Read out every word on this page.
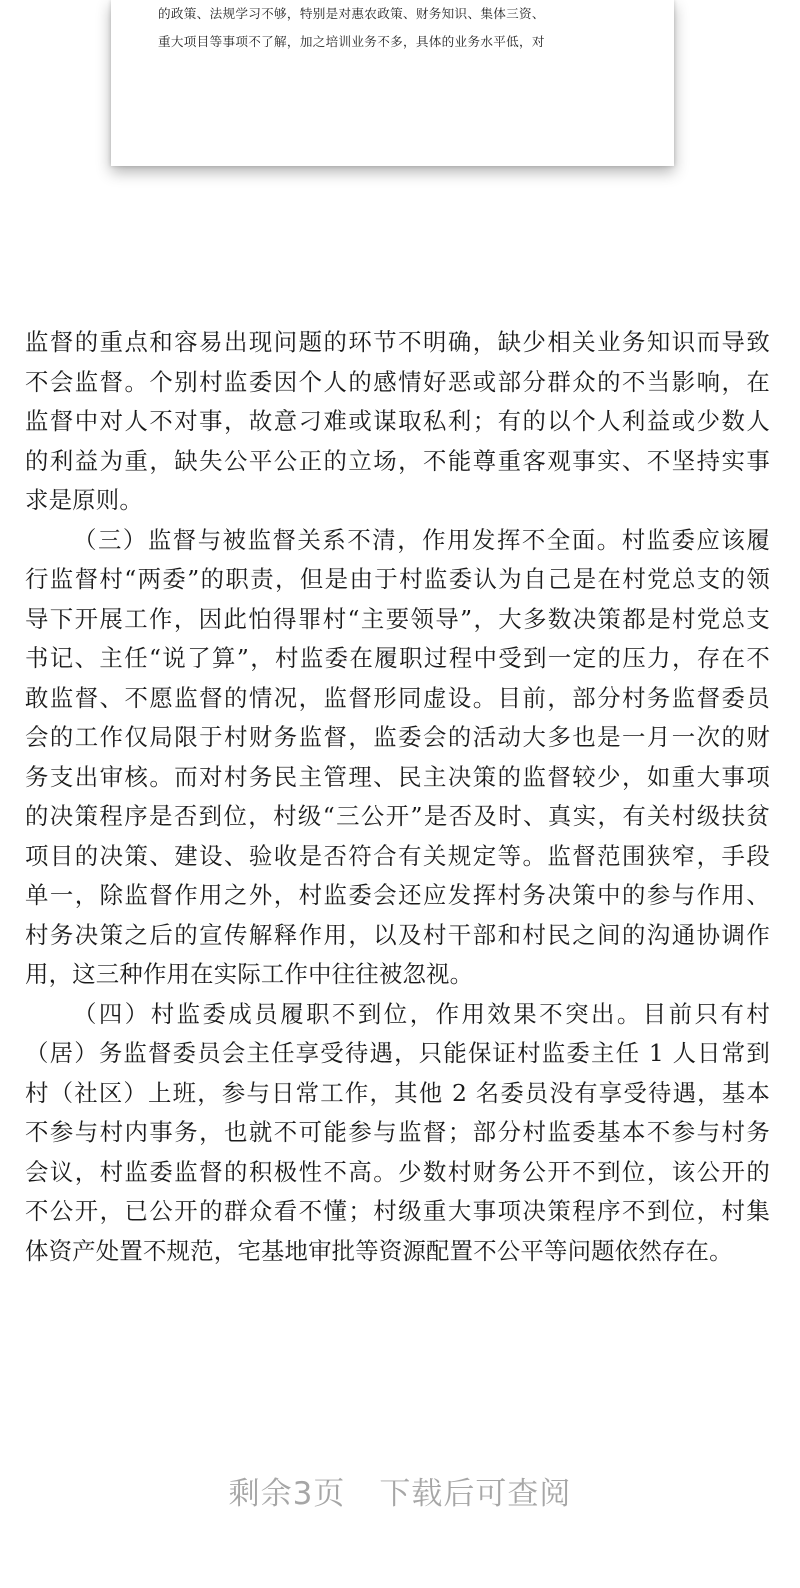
的政策、法规学习不够，特别是对惠农政策、财务知识、集体三资、
重大项目等事项不了解，加之培训业务不多，具体的业务水平低，对
监督的重点和容易出现问题的环节不明确，缺少相关业务知识而导致
不会监督。个别村监委因个人的感情好恶或部分群众的不当影响，在
监督中对人不对事，故意刁难或谋取私利；有的以个人利益或少数人
的利益为重，缺失公平公正的立场，不能尊重客观事实、不坚持实事
求是原则。
（三）监督与被监督关系不清，作用发挥不全面。村监委应该履
行监督村“两委”的职责，但是由于村监委认为自己是在村党总支的领
导下开展工作，因此怕得罪村“主要领导”，大多数决策都是村党总支
书记、主任“说了算”，村监委在履职过程中受到一定的压力，存在不
敢监督、不愿监督的情况，监督形同虚设。目前，部分村务监督委员
会的工作仅局限于村财务监督，监委会的活动大多也是一月一次的财
务支出审核。而对村务民主管理、民主决策的监督较少，如重大事项
的决策程序是否到位，村级“三公开”是否及时、真实，有关村级扶贫
项目的决策、建设、验收是否符合有关规定等。监督范围狭窄，手段
单一，除监督作用之外，村监委会还应发挥村务决策中的参与作用、
村务决策之后的宣传解释作用，以及村干部和村民之间的沟通协调作
用，这三种作用在实际工作中往往被忽视。
（四）村监委成员履职不到位，作用效果不突出。目前只有村
（居）务监督委员会主任享受待遇，只能保证村监委主任 1 人日常到
村（社区）上班，参与日常工作，其他 2 名委员没有享受待遇，基本
不参与村内事务，也就不可能参与监督；部分村监委基本不参与村务
会议，村监委监督的积极性不高。少数村财务公开不到位，该公开的
不公开，已公开的群众看不懂；村级重大事项决策程序不到位，村集
体资产处置不规范，宅基地审批等资源配置不公平等问题依然存在。
剩余3页 下载后可查阅
